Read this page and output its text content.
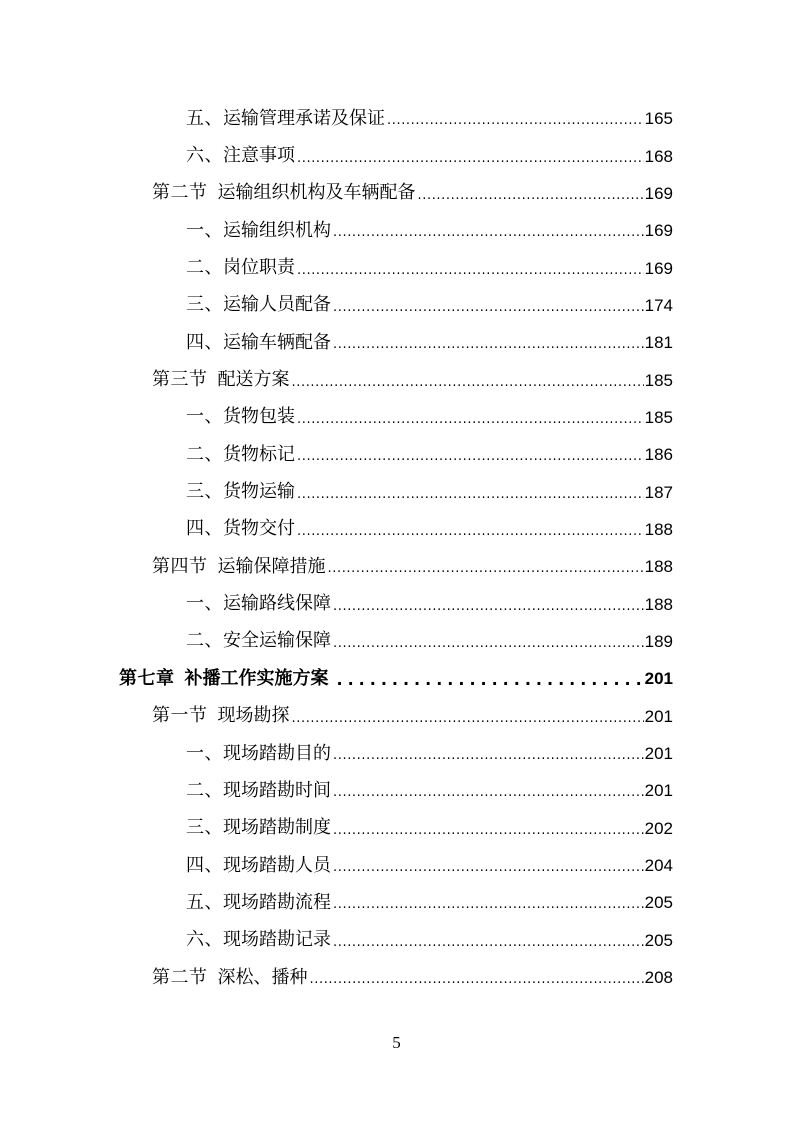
五、运输管理承诺及保证 .....	165
六、注意事项 .....	168
第二节 运输组织机构及车辆配备 .....	169
一、运输组织机构 .....	169
二、岗位职责 .....	169
三、运输人员配备 .....	174
四、运输车辆配备 .....	181
第三节 配送方案 .....	185
一、货物包装 .....	185
二、货物标记 .....	186
三、货物运输 .....	187
四、货物交付 .....	188
第四节 运输保障措施 .....	188
一、运输路线保障 .....	188
二、安全运输保障 .....	189
第七章 补播工作实施方案 .....	201
第一节 现场勘探 .....	201
一、现场踏勘目的 .....	201
二、现场踏勘时间 .....	201
三、现场踏勘制度 .....	202
四、现场踏勘人员 .....	204
五、现场踏勘流程 .....	205
六、现场踏勘记录 .....	205
第二节 深松、播种 .....	208
5
